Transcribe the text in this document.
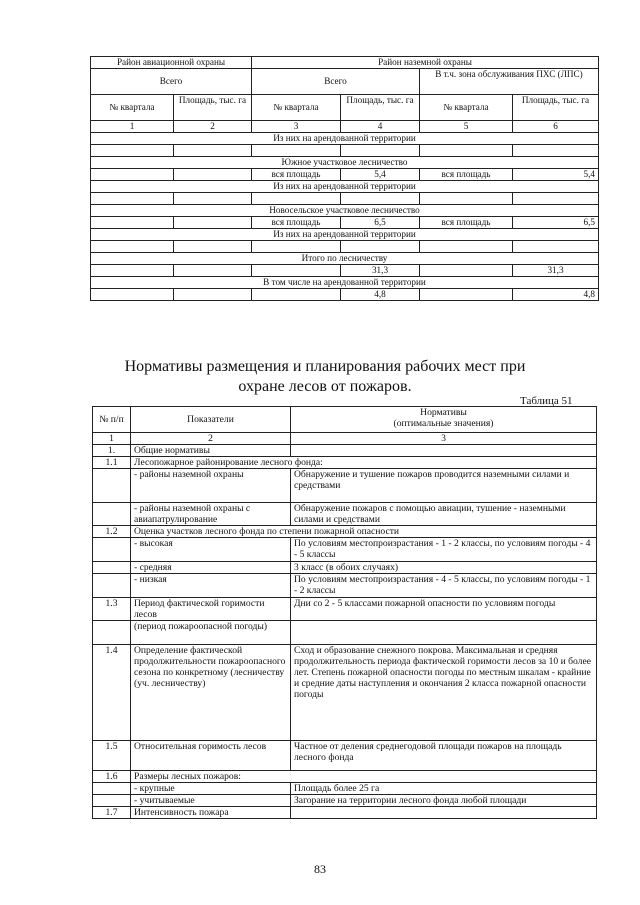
Район авиационной охраны		Район наземной охраны			
Всего		Всего		В т.ч. зона обслуживания ПХС (ЛПС)	
№ квартала	Площадь, тыс. га	№ квартала	Площадь, тыс. га	№ квартала	Площадь, тыс. га
1	2	3	4	5	6
Из них на арендованной территории					

Южное участковое лесничество					
		вся площадь	5,4	вся площадь	5,4
Из них на арендованной территории					

Новосельское участковое лесничество					
		вся площадь	6,5	вся площадь	6,5
Из них на арендованной территории					

Итого по лесничеству					
			31,3		31,3
В том числе на арендованной территории					
			4,8		4,8
Нормативы размещения и планирования рабочих мест при охране лесов от пожаров.
Таблица 51
№ п/п	Показатели	Нормативы
(оптимальные значения)

1	2	3
1.	Общие нормативы	
1.1	Лесопожарное районирование лесного фонда:	
	- районы наземной охраны	Обнаружение и тушение пожаров проводится наземными силами и средствами
	- районы наземной охраны с авиапатрулирование	Обнаружение пожаров с помощью авиации, тушение - наземными силами и средствами
1.2	Оценка участков лесного фонда по степени пожарной опасности	
	- высокая	По условиям местопроизрастания - 1 - 2 классы, по условиям погоды - 4 - 5 классы
	- средняя	3 класс (в обоих случаях)
	- низкая	По условиям местопроизрастания - 4 - 5 классы, по условиям погоды - 1 - 2 классы
1.3	Период фактической горимости лесов	Дни со 2 - 5 классами пожарной опасности по условиям погоды
	(период пожароопасной погоды)	
1.4	Определение фактической продолжительности пожароопасного сезона по конкретному (лесничеству (уч. лесничеству)	Сход и образование снежного покрова. Максимальная и средняя продолжительность периода фактической горимости лесов за 10 и более лет. Степень пожарной опасности погоды по местным шкалам - крайние и средние даты наступления и окончания 2 класса пожарной опасности погоды
1.5	Относительная горимость лесов	Частное от деления среднегодовой площади пожаров на площадь лесного фонда
1.6	Размеры лесных пожаров:	
	- крупные	Площадь более 25 га
	- учитываемые	Загорание на территории лесного фонда любой площади
1.7	Интенсивность пожара	
83
